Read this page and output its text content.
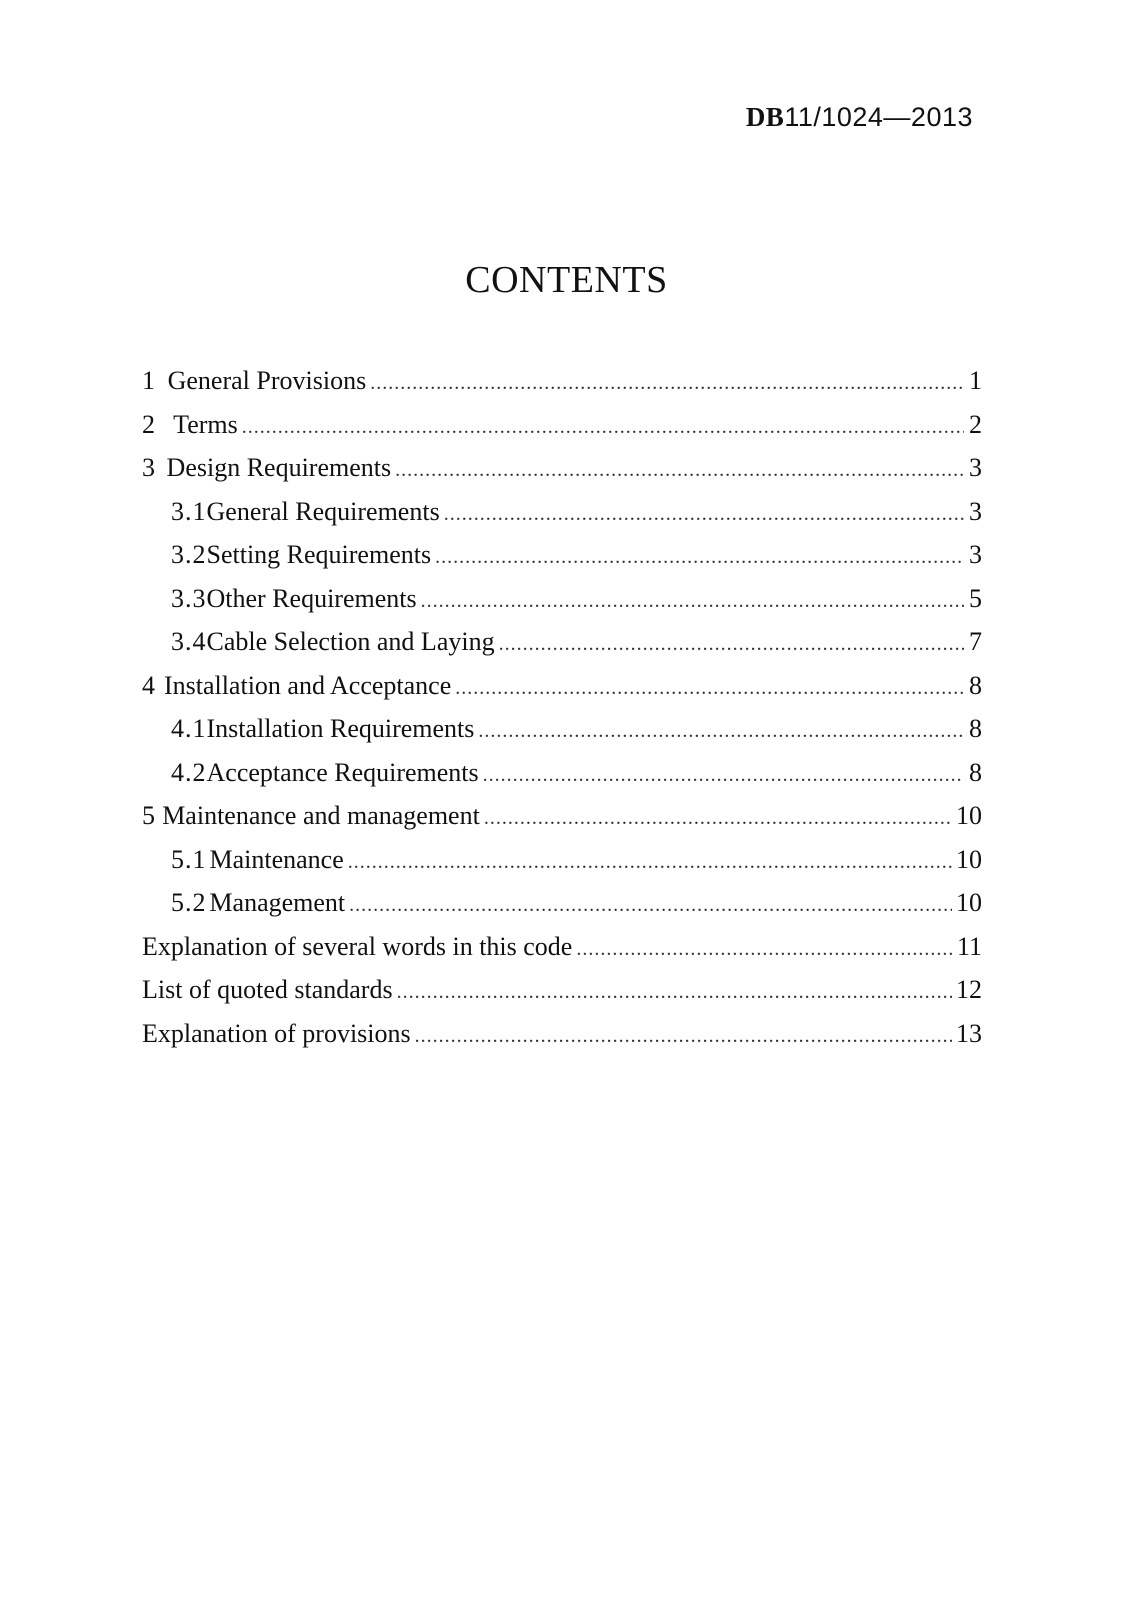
DB11/1024—2013
CONTENTS
1 General Provisions .....	1
2 Terms .....	2
3 Design Requirements .....	3
3.1 General Requirements .....	3
3.2 Setting Requirements .....	3
3.3 Other Requirements .....	5
3.4 Cable Selection and Laying .....	7
4 Installation and Acceptance .....	8
4.1 Installation Requirements .....	8
4.2 Acceptance Requirements .....	8
5 Maintenance and management .....	10
5.1 Maintenance .....	10
5.2 Management .....	10
Explanation of several words in this code .....	11
List of quoted standards .....	12
Explanation of provisions .....	13
